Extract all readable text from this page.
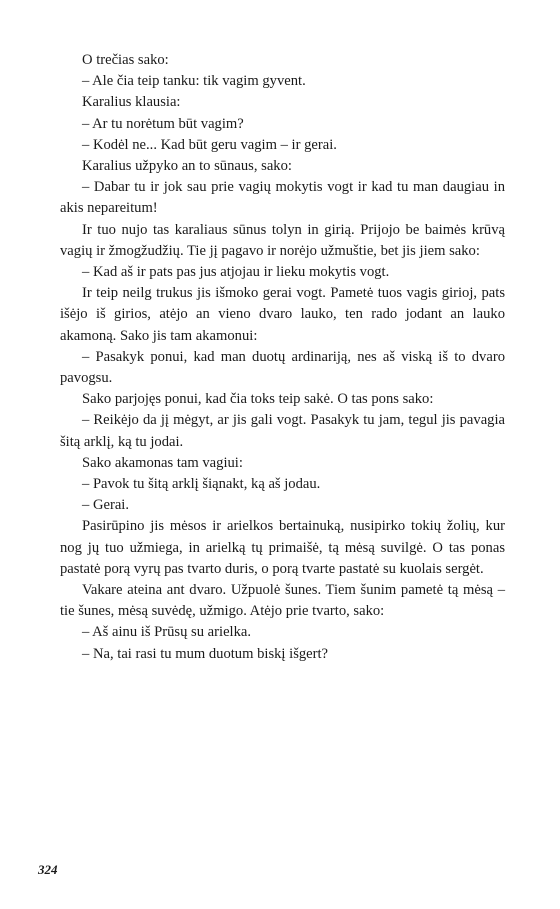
O trečias sako:

– Ale čia teip tanku: tik vagim gyvent.

Karalius klausia:

– Ar tu norėtum būt vagim?

– Kodėl ne... Kad būt geru vagim – ir gerai.

Karalius užpyko an to sūnaus, sako:

– Dabar tu ir jok sau prie vagių mokytis vogt ir kad tu man daugiau in akis nepareitum!

Ir tuo nujo tas karaliaus sūnus tolyn in girią. Prijojo be baimės krūvą vagių ir žmogžudžių. Tie jį pagavo ir norėjo užmuštie, bet jis jiem sako:

– Kad aš ir pats pas jus atjojau ir lieku mokytis vogt.

Ir teip neilg trukus jis išmoko gerai vogt. Pametė tuos vagis girioj, pats išėjo iš girios, atėjo an vieno dvaro lauko, ten rado jodant an lauko akamoną. Sako jis tam akamonui:

– Pasakyk ponui, kad man duotų ardinariją, nes aš viską iš to dvaro pavogsu.

Sako parjojęs ponui, kad čia toks teip sakė. O tas pons sako:

– Reikėjo da jį mėgyt, ar jis gali vogt. Pasakyk tu jam, tegul jis pavagia šitą arklį, ką tu jodai.

Sako akamonas tam vagiui:

– Pavok tu šitą arklį šiąnakt, ką aš jodau.

– Gerai.

Pasirūpino jis mėsos ir arielkos bertainuką, nusipirko tokių žolių, kur nog jų tuo užmiega, in arielką tų primaišė, tą mėsą suvilgė. O tas ponas pastatė porą vyrų pas tvarto duris, o porą tvarte pastatė su kuolais sergėt.

Vakare ateina ant dvaro. Užpuolė šunes. Tiem šunim pametė tą mėsą – tie šunes, mėsą suvėdę, užmigo. Atėjo prie tvarto, sako:

– Aš ainu iš Prūsų su arielka.

– Na, tai rasi tu mum duotum biskį išgert?

324
